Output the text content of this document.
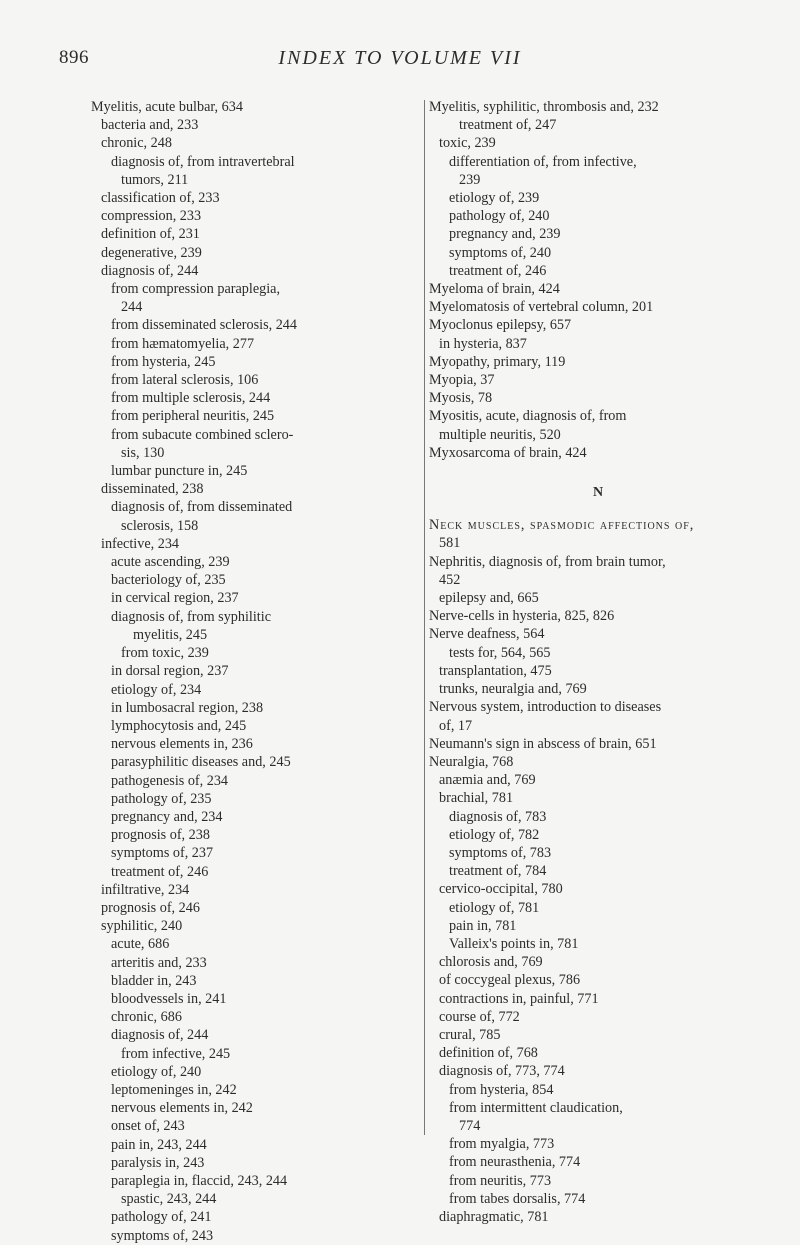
896	INDEX TO VOLUME VII
Myelitis, acute bulbar, 634
bacteria and, 233
chronic, 248
diagnosis of, from intravertebral
tumors, 211
classification of, 233
compression, 233
definition of, 231
degenerative, 239
diagnosis of, 244
from compression paraplegia,
244
from disseminated sclerosis, 244
from hæmatomyelia, 277
from hysteria, 245
from lateral sclerosis, 106
from multiple sclerosis, 244
from peripheral neuritis, 245
from subacute combined sclero-
sis, 130
lumbar puncture in, 245
disseminated, 238
diagnosis of, from disseminated
sclerosis, 158
infective, 234
acute ascending, 239
bacteriology of, 235
in cervical region, 237
diagnosis of, from syphilitic
myelitis, 245
from toxic, 239
in dorsal region, 237
etiology of, 234
in lumbosacral region, 238
lymphocytosis and, 245
nervous elements in, 236
parasyphilitic diseases and, 245
pathogenesis of, 234
pathology of, 235
pregnancy and, 234
prognosis of, 238
symptoms of, 237
treatment of, 246
infiltrative, 234
prognosis of, 246
syphilitic, 240
acute, 686
arteritis and, 233
bladder in, 243
bloodvessels in, 241
chronic, 686
diagnosis of, 244
from infective, 245
etiology of, 240
leptomeninges in, 242
nervous elements in, 242
onset of, 243
pain in, 243, 244
paralysis in, 243
paraplegia in, flaccid, 243, 244
spastic, 243, 244
pathology of, 241
symptoms of, 243
Myelitis, syphilitic, thrombosis and, 232
treatment of, 247
toxic, 239
differentiation of, from infective,
239
etiology of, 239
pathology of, 240
pregnancy and, 239
symptoms of, 240
treatment of, 246
Myeloma of brain, 424
Myelomatosis of vertebral column, 201
Myoclonus epilepsy, 657
in hysteria, 837
Myopathy, primary, 119
Myopia, 37
Myosis, 78
Myositis, acute, diagnosis of, from
multiple neuritis, 520
Myxosarcoma of brain, 424
N
Neck muscles, spasmodic affections of,
581
Nephritis, diagnosis of, from brain tumor,
452
epilepsy and, 665
Nerve-cells in hysteria, 825, 826
Nerve deafness, 564
tests for, 564, 565
transplantation, 475
trunks, neuralgia and, 769
Nervous system, introduction to diseases
of, 17
Neumann's sign in abscess of brain, 651
Neuralgia, 768
anæmia and, 769
brachial, 781
diagnosis of, 783
etiology of, 782
symptoms of, 783
treatment of, 784
cervico-occipital, 780
etiology of, 781
pain in, 781
Valleix's points in, 781
chlorosis and, 769
of coccygeal plexus, 786
contractions in, painful, 771
course of, 772
crural, 785
definition of, 768
diagnosis of, 773, 774
from hysteria, 854
from intermittent claudication,
774
from myalgia, 773
from neurasthenia, 774
from neuritis, 773
from tabes dorsalis, 774
diaphragmatic, 781
